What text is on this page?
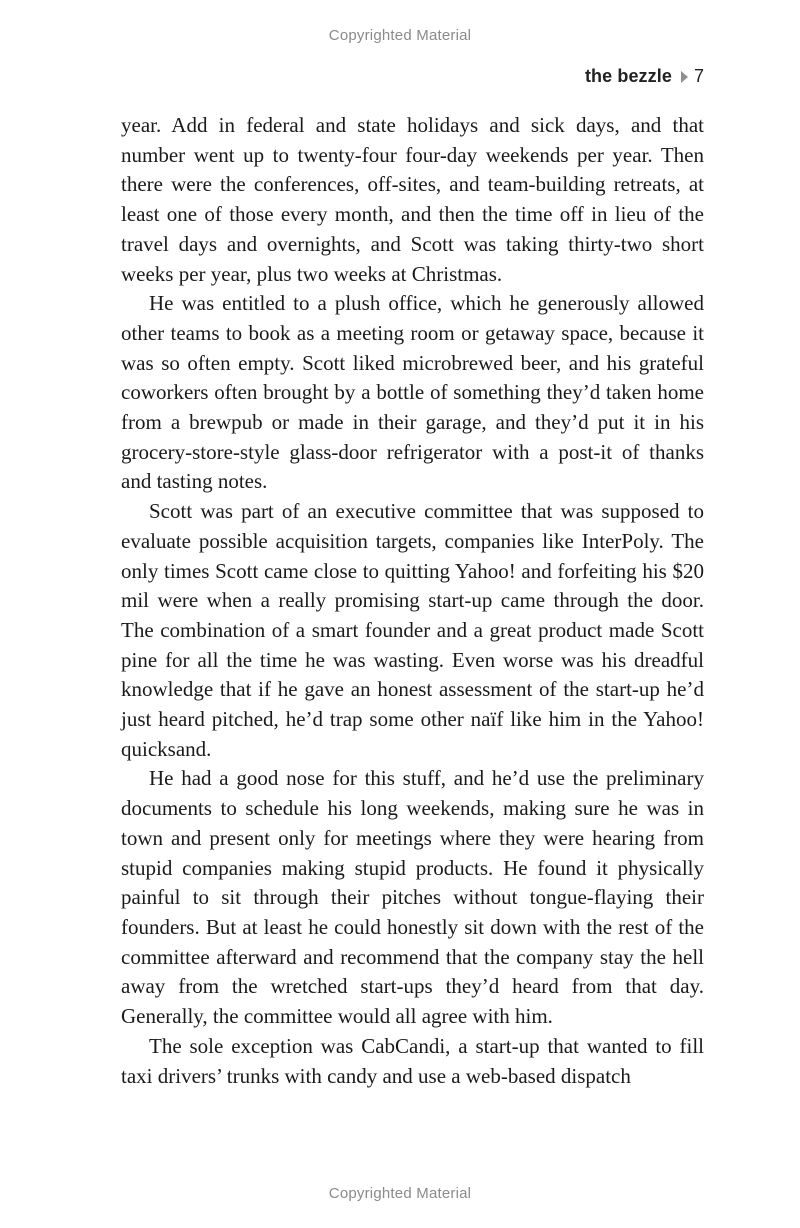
Copyrighted Material
the bezzle 7

year. Add in federal and state holidays and sick days, and that number went up to twenty-four four-day weekends per year. Then there were the conferences, off-sites, and team-building retreats, at least one of those every month, and then the time off in lieu of the travel days and overnights, and Scott was taking thirty-two short weeks per year, plus two weeks at Christmas.

He was entitled to a plush office, which he generously allowed other teams to book as a meeting room or getaway space, because it was so often empty. Scott liked microbrewed beer, and his grateful coworkers often brought by a bottle of something they’d taken home from a brewpub or made in their garage, and they’d put it in his grocery-store-style glass-door refrigerator with a post-it of thanks and tasting notes.

Scott was part of an executive committee that was supposed to evaluate possible acquisition targets, companies like InterPoly. The only times Scott came close to quitting Yahoo! and forfeiting his $20 mil were when a really promising start-up came through the door. The combination of a smart founder and a great product made Scott pine for all the time he was wasting. Even worse was his dreadful knowledge that if he gave an honest assessment of the start-up he’d just heard pitched, he’d trap some other naïf like him in the Yahoo! quicksand.

He had a good nose for this stuff, and he’d use the preliminary documents to schedule his long weekends, making sure he was in town and present only for meetings where they were hearing from stupid companies making stupid products. He found it physically painful to sit through their pitches without tongue-flaying their founders. But at least he could honestly sit down with the rest of the committee afterward and recommend that the company stay the hell away from the wretched start-ups they’d heard from that day. Generally, the committee would all agree with him.

The sole exception was CabCandi, a start-up that wanted to fill taxi drivers’ trunks with candy and use a web-based dispatch

Copyrighted Material
